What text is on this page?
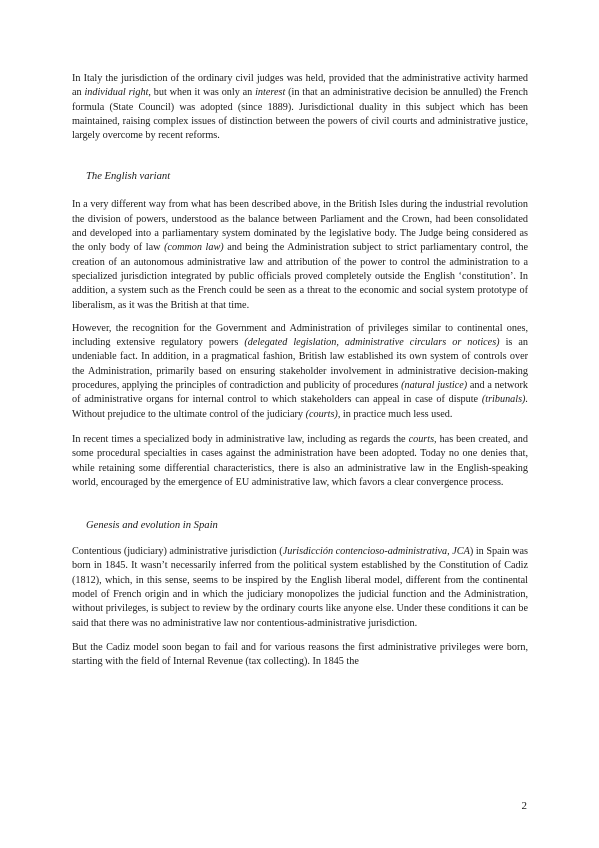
In Italy the jurisdiction of the ordinary civil judges was held, provided that the administrative activity harmed an individual right, but when it was only an interest (in that an administrative decision be annulled) the French formula (State Council) was adopted (since 1889). Jurisdictional duality in this subject which has been maintained, raising complex issues of distinction between the powers of civil courts and administrative justice, largely overcome by recent reforms.

The English variant

In a very different way from what has been described above, in the British Isles during the industrial revolution the division of powers, understood as the balance between Parliament and the Crown, had been consolidated and developed into a parliamentary system dominated by the legislative body. The Judge being considered as the only body of law (common law) and being the Administration subject to strict parliamentary control, the creation of an autonomous administrative law and attribution of the power to control the administration to a specialized jurisdiction integrated by public officials proved completely outside the English ‘constitution’. In addition, a system such as the French could be seen as a threat to the economic and social system prototype of liberalism, as it was the British at that time.

However, the recognition for the Government and Administration of privileges similar to continental ones, including extensive regulatory powers (delegated legislation, administrative circulars or notices) is an undeniable fact. In addition, in a pragmatical fashion, British law established its own system of controls over the Administration, primarily based on ensuring stakeholder involvement in administrative decision-making procedures, applying the principles of contradiction and publicity of procedures (natural justice) and a network of administrative organs for internal control to which stakeholders can appeal in case of dispute (tribunals). Without prejudice to the ultimate control of the judiciary (courts), in practice much less used.

In recent times a specialized body in administrative law, including as regards the courts, has been created, and some procedural specialties in cases against the administration have been adopted. Today no one denies that, while retaining some differential characteristics, there is also an administrative law in the English-speaking world, encouraged by the emergence of EU administrative law, which favors a clear convergence process.

Genesis and evolution in Spain

Contentious (judiciary) administrative jurisdiction (Jurisdicción contencioso-administrativa, JCA) in Spain was born in 1845. It wasn’t necessarily inferred from the political system established by the Constitution of Cadiz (1812), which, in this sense, seems to be inspired by the English liberal model, different from the continental model of French origin and in which the judiciary monopolizes the judicial function and the Administration, without privileges, is subject to review by the ordinary courts like anyone else. Under these conditions it can be said that there was no administrative law nor contentious-administrative jurisdiction.

But the Cadiz model soon began to fail and for various reasons the first administrative privileges were born, starting with the field of Internal Revenue (tax collecting). In 1845 the

2
